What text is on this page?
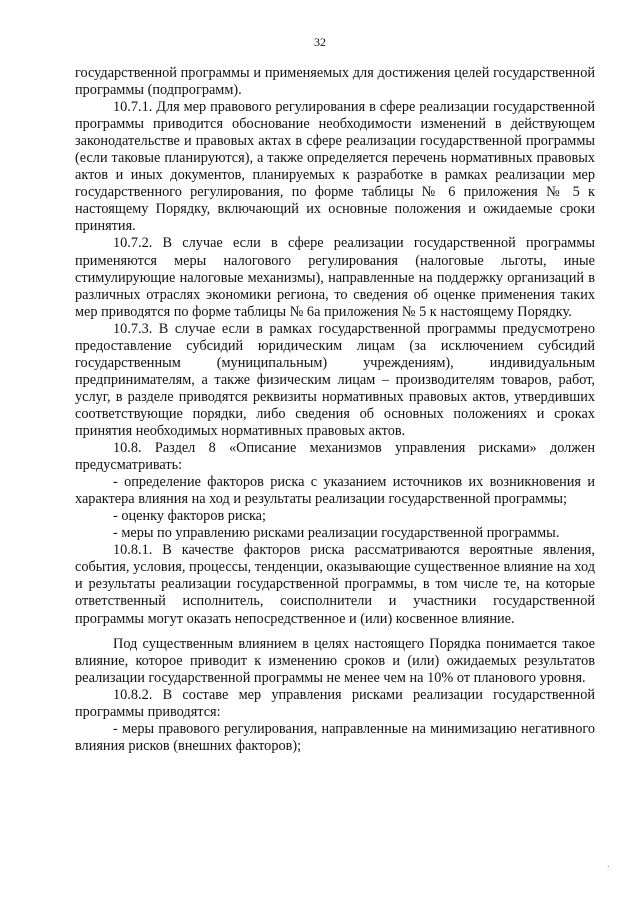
32

государственной программы и применяемых для достижения целей государственной программы (подпрограмм).

10.7.1. Для мер правового регулирования в сфере реализации государственной программы приводится обоснование необходимости изменений в действующем законодательстве и правовых актах в сфере реализации государственной программы (если таковые планируются), а также определяется перечень нормативных правовых актов и иных документов, планируемых к разработке в рамках реализации мер государственного регулирования, по форме таблицы № 6 приложения № 5 к настоящему Порядку, включающий их основные положения и ожидаемые сроки принятия.

10.7.2. В случае если в сфере реализации государственной программы применяются меры налогового регулирования (налоговые льготы, иные стимулирующие налоговые механизмы), направленные на поддержку организаций в различных отраслях экономики региона, то сведения об оценке применения таких мер приводятся по форме таблицы № 6а приложения № 5 к настоящему Порядку.

10.7.3. В случае если в рамках государственной программы предусмотрено предоставление субсидий юридическим лицам (за исключением субсидий государственным (муниципальным) учреждениям), индивидуальным предпринимателям, а также физическим лицам – производителям товаров, работ, услуг, в разделе приводятся реквизиты нормативных правовых актов, утвердивших соответствующие порядки, либо сведения об основных положениях и сроках принятия необходимых нормативных правовых актов.

10.8. Раздел 8 «Описание механизмов управления рисками» должен предусматривать:

- определение факторов риска с указанием источников их возникновения и характера влияния на ход и результаты реализации государственной программы;

- оценку факторов риска;

- меры по управлению рисками реализации государственной программы.

10.8.1. В качестве факторов риска рассматриваются вероятные явления, события, условия, процессы, тенденции, оказывающие существенное влияние на ход и результаты реализации государственной программы, в том числе те, на которые ответственный исполнитель, соисполнители и участники государственной программы могут оказать непосредственное и (или) косвенное влияние.

Под существенным влиянием в целях настоящего Порядка понимается такое влияние, которое приводит к изменению сроков и (или) ожидаемых результатов реализации государственной программы не менее чем на 10% от планового уровня.

10.8.2. В составе мер управления рисками реализации государственной программы приводятся:

- меры правового регулирования, направленные на минимизацию негативного влияния рисков (внешних факторов);

·
